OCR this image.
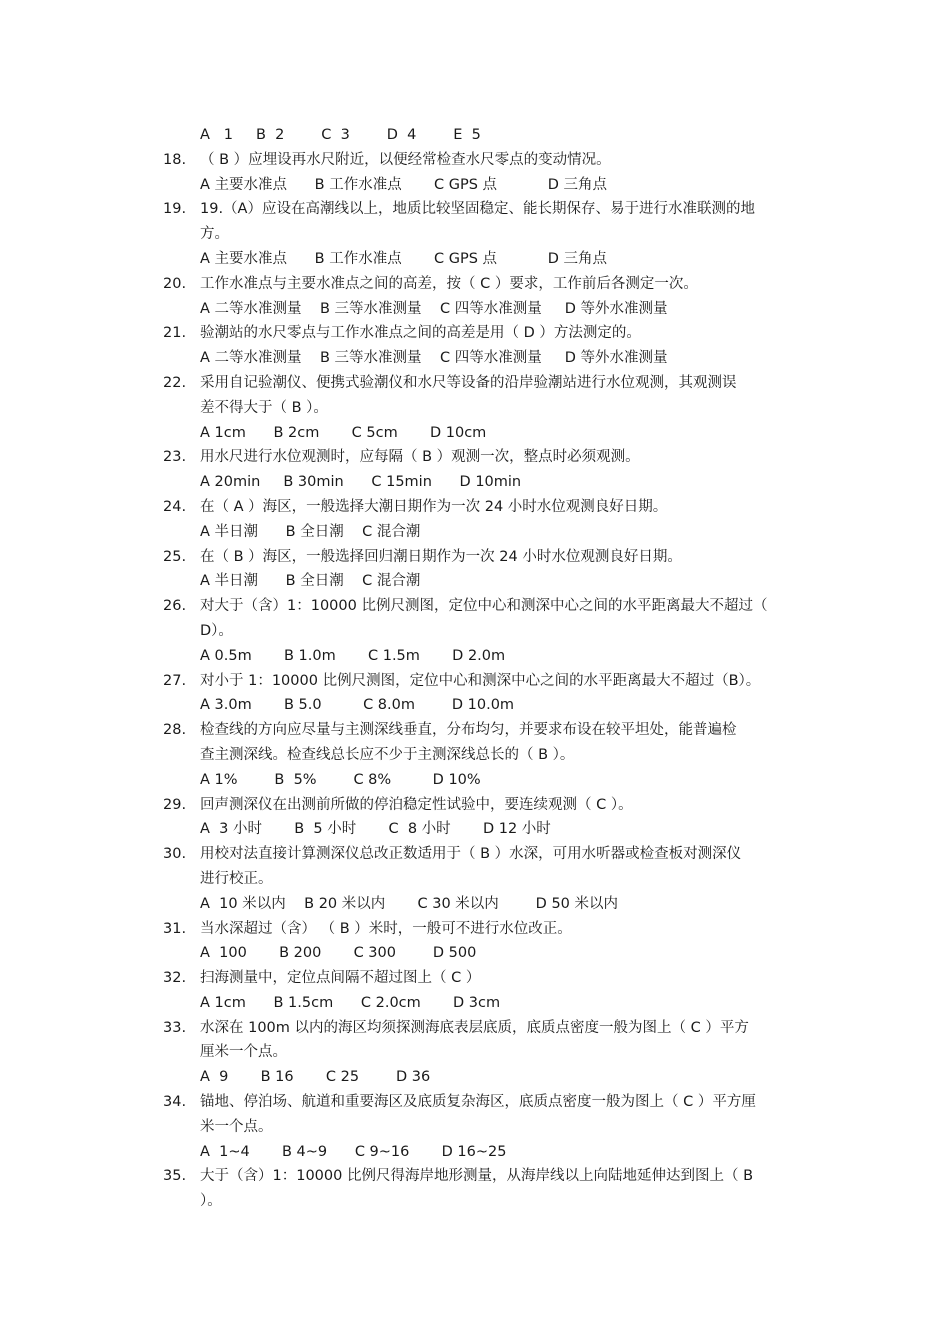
A   1     B  2        C  3        D  4        E  5
18. （ B ）应埋设再水尺附近，以便经常检查水尺零点的变动情况。
A 主要水准点      B 工作水准点       C GPS 点           D 三角点
19. 19.（A）应设在高潮线以上，地质比较坚固稳定、能长期保存、易于进行水准联测的地
方。
A 主要水准点      B 工作水准点       C GPS 点           D 三角点
20. 工作水准点与主要水准点之间的高差，按（ C ）要求，工作前后各测定一次。
A 二等水准测量    B 三等水准测量    C 四等水准测量     D 等外水准测量
21. 验潮站的水尺零点与工作水准点之间的高差是用（ D ）方法测定的。
A 二等水准测量    B 三等水准测量    C 四等水准测量     D 等外水准测量
22. 采用自记验潮仪、便携式验潮仪和水尺等设备的沿岸验潮站进行水位观测，其观测误
差不得大于（ B ）。
A 1cm      B 2cm       C 5cm       D 10cm
23. 用水尺进行水位观测时，应每隔（ B ）观测一次，整点时必须观测。
A 20min     B 30min      C 15min      D 10min
24. 在（ A ）海区，一般选择大潮日期作为一次 24 小时水位观测良好日期。
A 半日潮      B 全日潮    C 混合潮
25. 在（ B ）海区，一般选择回归潮日期作为一次 24 小时水位观测良好日期。
A 半日潮      B 全日潮    C 混合潮
26. 对大于（含）1：10000 比例尺测图，定位中心和测深中心之间的水平距离最大不超过（
D）。
A 0.5m       B 1.0m       C 1.5m       D 2.0m
27. 对小于 1：10000 比例尺测图，定位中心和测深中心之间的水平距离最大不超过（B）。
A 3.0m       B 5.0         C 8.0m        D 10.0m
28. 检查线的方向应尽量与主测深线垂直，分布均匀，并要求布设在较平坦处，能普遍检
查主测深线。检查线总长应不少于主测深线总长的（ B ）。
A 1%        B  5%        C 8%         D 10%
29. 回声测深仪在出测前所做的停泊稳定性试验中，要连续观测（ C ）。
A  3 小时       B  5 小时       C  8 小时       D 12 小时
30. 用校对法直接计算测深仪总改正数适用于（ B ）水深，可用水听器或检查板对测深仪
进行校正。
A  10 米以内    B 20 米以内       C 30 米以内        D 50 米以内
31. 当水深超过（含） （ B ）米时，一般可不进行水位改正。
A  100       B 200       C 300        D 500
32. 扫海测量中，定位点间隔不超过图上（ C ）
A 1cm      B 1.5cm      C 2.0cm       D 3cm
33. 水深在 100m 以内的海区均须探测海底表层底质，底质点密度一般为图上（ C ）平方
厘米一个点。
A  9       B 16       C 25        D 36
34. 锚地、停泊场、航道和重要海区及底质复杂海区，底质点密度一般为图上（ C ）平方厘
米一个点。
A  1~4       B 4~9      C 9~16       D 16~25
35. 大于（含）1：10000 比例尺得海岸地形测量，从海岸线以上向陆地延伸达到图上（ B
）。
